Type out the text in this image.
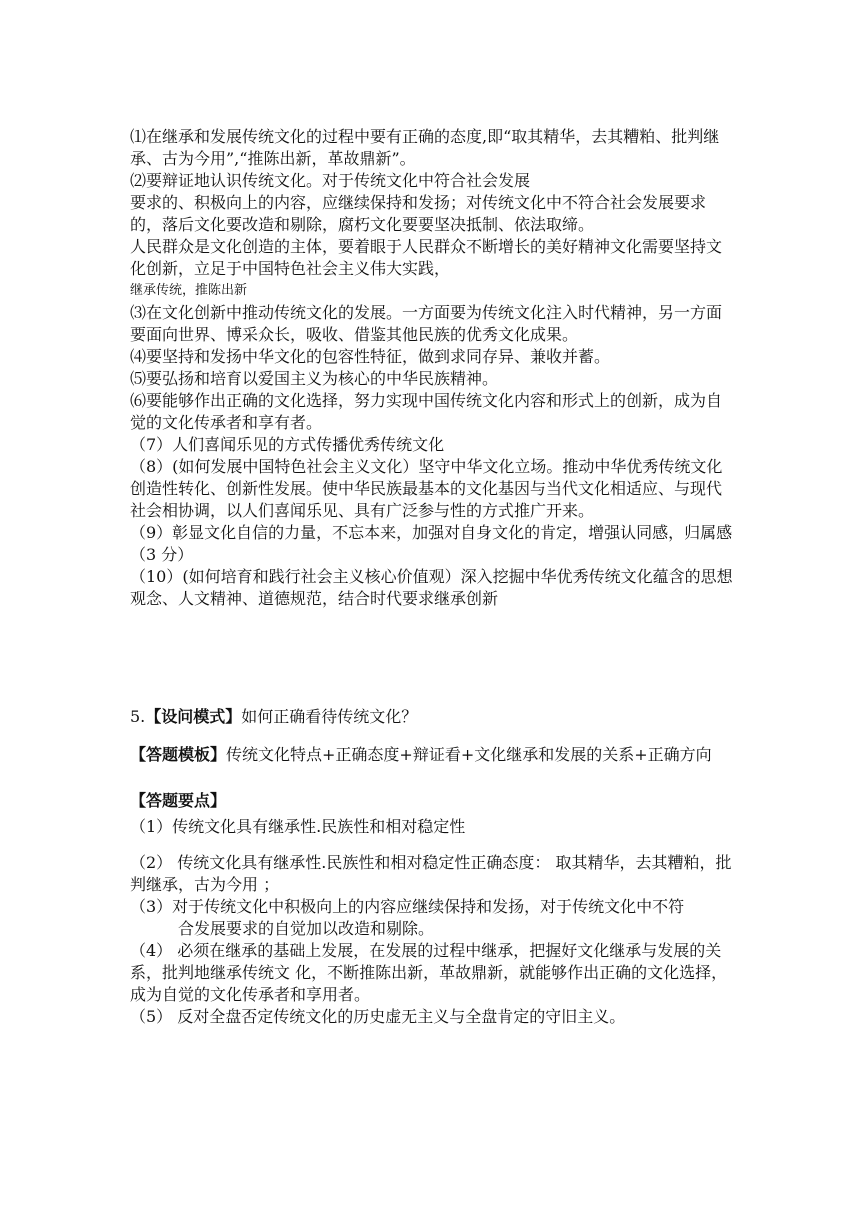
⑴在继承和发展传统文化的过程中要有正确的态度,即“取其精华，去其糟粕、批判继承、古为今用”,“推陈出新，革故鼎新”。

⑵要辩证地认识传统文化。对于传统文化中符合社会发展

要求的、积极向上的内容，应继续保持和发扬；对传统文化中不符合社会发展要求的，落后文化要改造和剔除，腐朽文化要要坚决抵制、依法取缔。

人民群众是文化创造的主体，要着眼于人民群众不断增长的美好精神文化需要坚持文化创新，立足于中国特色社会主义伟大实践，

继承传统，推陈出新

⑶在文化创新中推动传统文化的发展。一方面要为传统文化注入时代精神，另一方面要面向世界、博采众长，吸收、借鉴其他民族的优秀文化成果。

⑷要坚持和发扬中华文化的包容性特征，做到求同存异、兼收并蓄。

⑸要弘扬和培育以爱国主义为核心的中华民族精神。

⑹要能够作出正确的文化选择，努力实现中国传统文化内容和形式上的创新，成为自觉的文化传承者和享有者。

（7）人们喜闻乐见的方式传播优秀传统文化

（8）(如何发展中国特色社会主义文化）坚守中华文化立场。推动中华优秀传统文化创造性转化、创新性发展。使中华民族最基本的文化基因与当代文化相适应、与现代社会相协调，以人们喜闻乐见、具有广泛参与性的方式推广开来。

（9）彰显文化自信的力量，不忘本来，加强对自身文化的肯定，增强认同感，归属感（3 分）

（10）(如何培育和践行社会主义核心价值观）深入挖掘中华优秀传统文化蕴含的思想观念、人文精神、道德规范，结合时代要求继承创新

5.【设问模式】如何正确看待传统文化？

【答题模板】传统文化特点+正确态度+辩证看+文化继承和发展的关系+正确方向

【答题要点】

（1）传统文化具有继承性.民族性和相对稳定性

（2） 传统文化具有继承性.民族性和相对稳定性正确态度： 取其精华，去其糟粕，批判继承，古为今用 ；

（3）对于传统文化中积极向上的内容应继续保持和发扬，对于传统文化中不符

合发展要求的自觉加以改造和剔除。

（4） 必须在继承的基础上发展，在发展的过程中继承，把握好文化继承与发展的关系，批判地继承传统文 化，不断推陈出新，革故鼎新，就能够作出正确的文化选择，成为自觉的文化传承者和享用者。

（5） 反对全盘否定传统文化的历史虚无主义与全盘肯定的守旧主义。
